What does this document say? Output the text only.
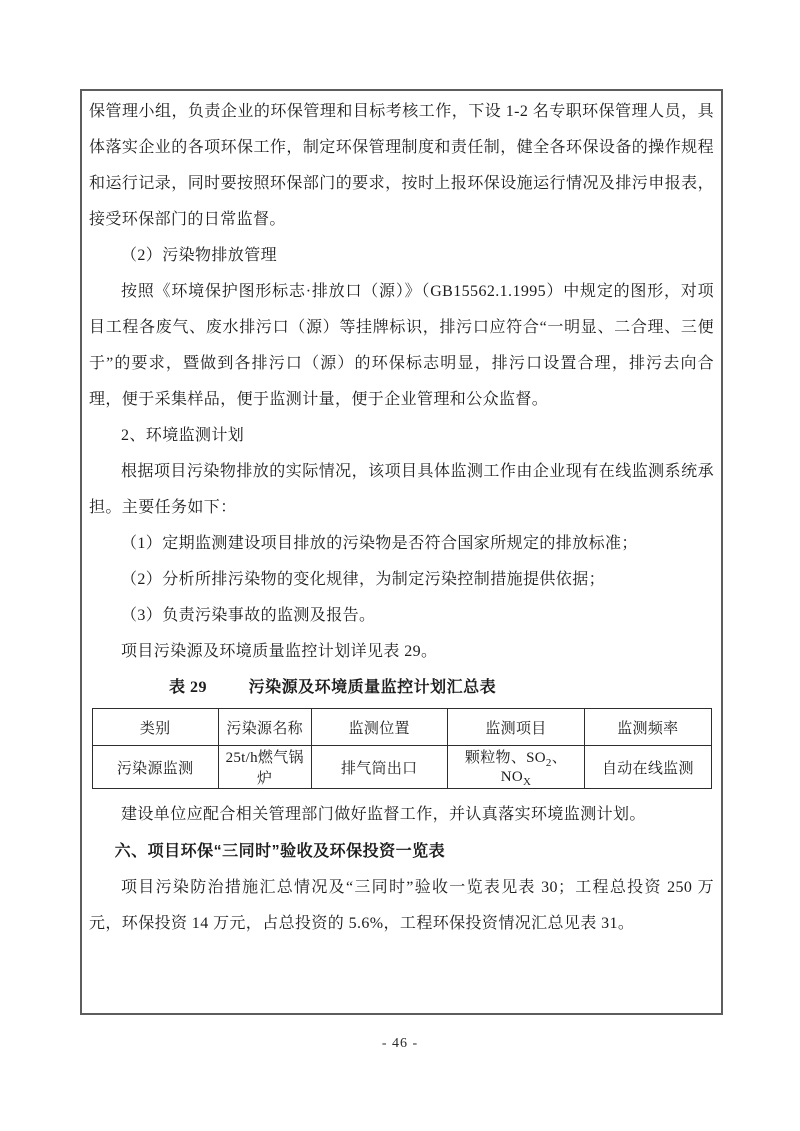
保管理小组，负责企业的环保管理和目标考核工作，下设 1-2 名专职环保管理人员，具体落实企业的各项环保工作，制定环保管理制度和责任制，健全各环保设备的操作规程和运行记录，同时要按照环保部门的要求，按时上报环保设施运行情况及排污申报表，接受环保部门的日常监督。

（2）污染物排放管理

按照《环境保护图形标志·排放口（源）》（GB15562.1.1995）中规定的图形，对项目工程各废气、废水排污口（源）等挂牌标识，排污口应符合“一明显、二合理、三便于”的要求，暨做到各排污口（源）的环保标志明显，排污口设置合理，排污去向合理，便于采集样品，便于监测计量，便于企业管理和公众监督。

2、环境监测计划

根据项目污染物排放的实际情况，该项目具体监测工作由企业现有在线监测系统承担。主要任务如下：

（1）定期监测建设项目排放的污染物是否符合国家所规定的排放标准；

（2）分析所排污染物的变化规律，为制定污染控制措施提供依据；

（3）负责污染事故的监测及报告。

项目污染源及环境质量监控计划详见表 29。

表 29	污染源及环境质量监控计划汇总表
类别	污染源名称	监测位置	监测项目	监测频率
污染源监测	25t/h燃气锅炉	排气筒出口	颗粒物、$SO_2$、$NO_X$	自动在线监测

建设单位应配合相关管理部门做好监督工作，并认真落实环境监测计划。

六、项目环保“三同时”验收及环保投资一览表

项目污染防治措施汇总情况及“三同时”验收一览表见表 30；工程总投资 250 万元，环保投资 14 万元，占总投资的 5.6%，工程环保投资情况汇总见表 31。

- 46 -
